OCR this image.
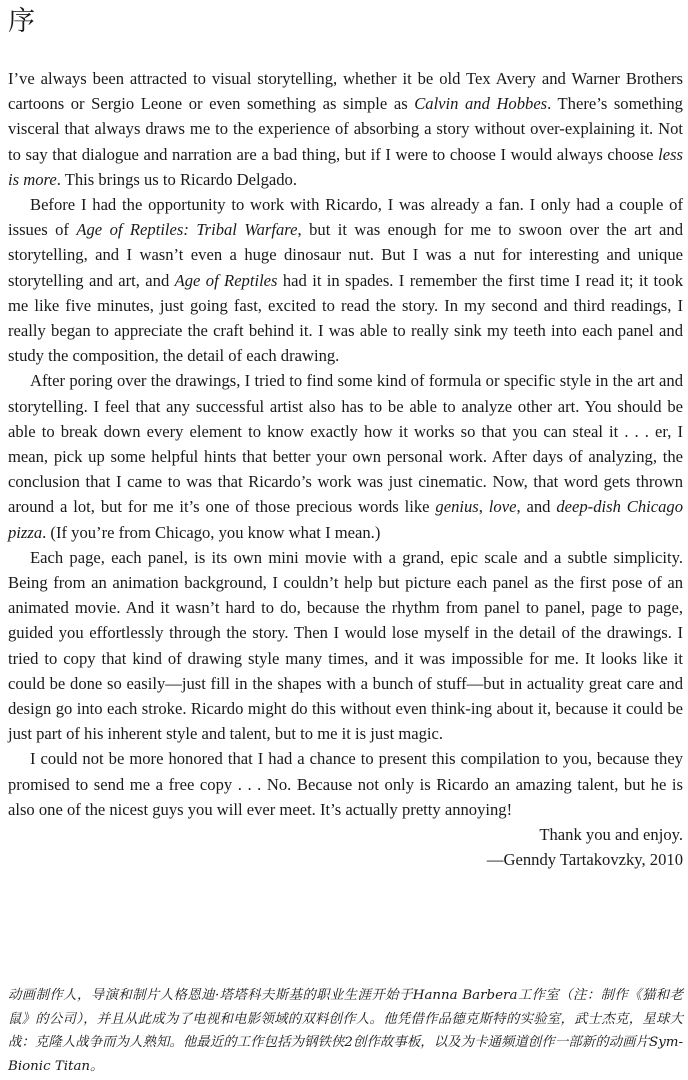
序

I’ve always been attracted to visual storytelling, whether it be old Tex Avery and Warner Brothers cartoons or Sergio Leone or even something as simple as Calvin and Hobbes. There’s something visceral that always draws me to the experience of absorbing a story without over-explaining it. Not to say that dialogue and narration are a bad thing, but if I were to choose I would always choose less is more. This brings us to Ricardo Delgado.

Before I had the opportunity to work with Ricardo, I was already a fan. I only had a couple of issues of Age of Reptiles: Tribal Warfare, but it was enough for me to swoon over the art and storytelling, and I wasn’t even a huge dinosaur nut. But I was a nut for interesting and unique storytelling and art, and Age of Reptiles had it in spades. I remember the first time I read it; it took me like five minutes, just going fast, excited to read the story. In my second and third readings, I really began to appreciate the craft behind it. I was able to really sink my teeth into each panel and study the composition, the detail of each drawing.

After poring over the drawings, I tried to find some kind of formula or specific style in the art and storytelling. I feel that any successful artist also has to be able to analyze other art. You should be able to break down every element to know exactly how it works so that you can steal it . . . er, I mean, pick up some helpful hints that better your own personal work. After days of analyzing, the conclusion that I came to was that Ricardo’s work was just cinematic. Now, that word gets thrown around a lot, but for me it’s one of those precious words like genius, love, and deep-dish Chicago pizza. (If you’re from Chicago, you know what I mean.)

Each page, each panel, is its own mini movie with a grand, epic scale and a subtle simplicity. Being from an animation background, I couldn’t help but picture each panel as the first pose of an animated movie. And it wasn’t hard to do, because the rhythm from panel to panel, page to page, guided you effortlessly through the story. Then I would lose myself in the detail of the drawings. I tried to copy that kind of drawing style many times, and it was impossible for me. It looks like it could be done so easily—just fill in the shapes with a bunch of stuff—but in actuality great care and design go into each stroke. Ricardo might do this without even think-ing about it, because it could be just part of his inherent style and talent, but to me it is just magic.

I could not be more honored that I had a chance to present this compilation to you, because they promised to send me a free copy . . . No. Because not only is Ricardo an amazing talent, but he is also one of the nicest guys you will ever meet. It’s actually pretty annoying!

Thank you and enjoy.

—Genndy Tartakovzky, 2010

动画制作人，导演和制片人格恩迪·塔塔科夫斯基的职业生涯开始于Hanna Barbera工作室（注：制作《猫和老鼠》的公司），并且从此成为了电视和电影领域的双料创作人。他凭借作品德克斯特的实验室，武士杰克，星球大战：克隆人战争而为人熟知。他最近的工作包括为钢铁侠2创作故事板，以及为卡通频道创作一部新的动画片Sym-Bionic Titan。
